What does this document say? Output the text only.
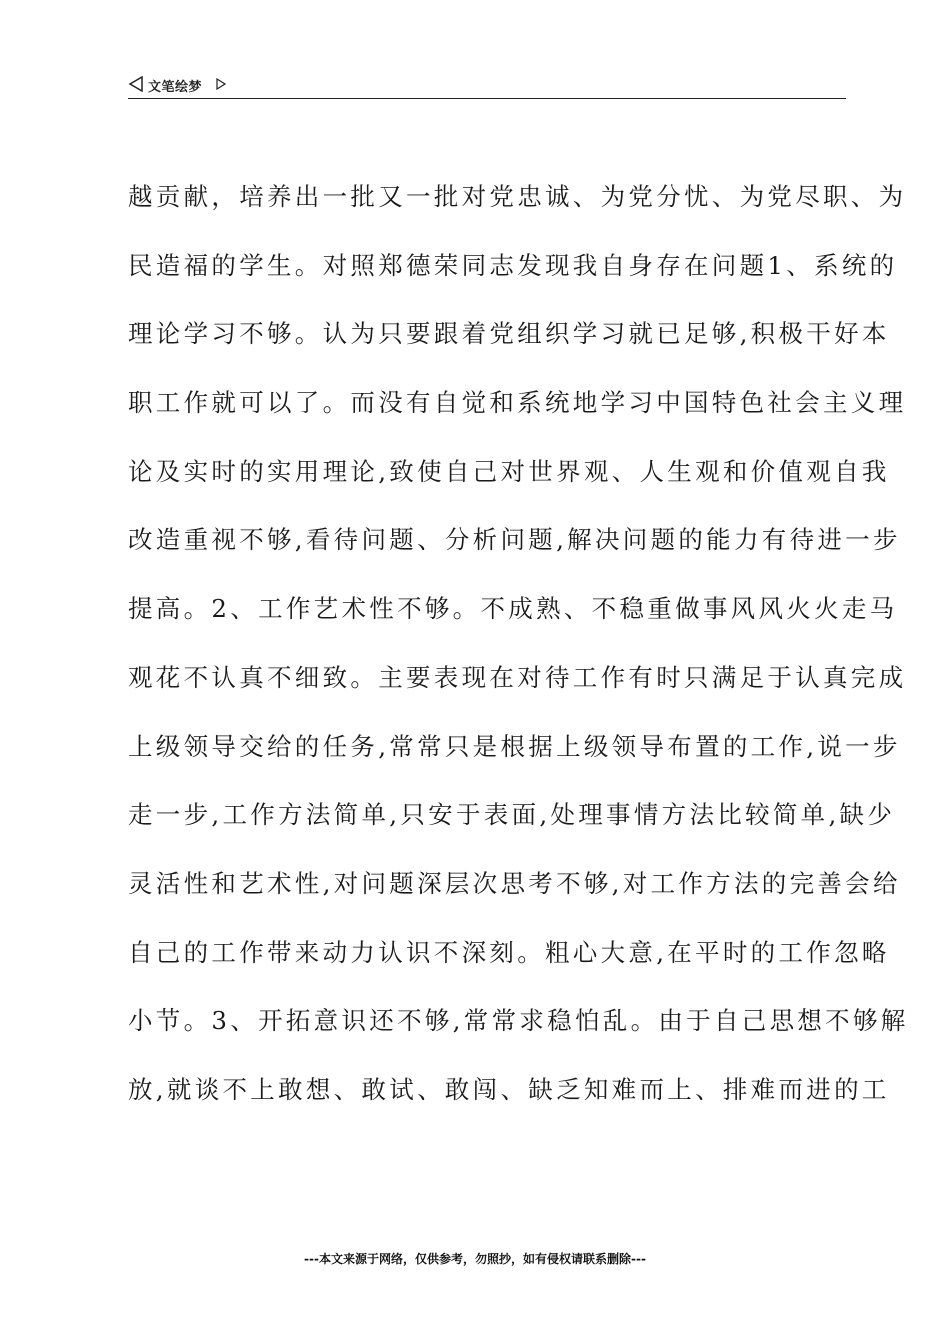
文笔绘梦
越贡献，培养出一批又一批对党忠诚、为党分忧、为党尽职、为
民造福的学生。对照郑德荣同志发现我自身存在问题1、系统的
理论学习不够。认为只要跟着党组织学习就已足够,积极干好本
职工作就可以了。而没有自觉和系统地学习中国特色社会主义理
论及实时的实用理论,致使自己对世界观、人生观和价值观自我
改造重视不够,看待问题、分析问题,解决问题的能力有待进一步
提高。2、工作艺术性不够。不成熟、不稳重做事风风火火走马
观花不认真不细致。主要表现在对待工作有时只满足于认真完成
上级领导交给的任务,常常只是根据上级领导布置的工作,说一步
走一步,工作方法简单,只安于表面,处理事情方法比较简单,缺少
灵活性和艺术性,对问题深层次思考不够,对工作方法的完善会给
自己的工作带来动力认识不深刻。粗心大意,在平时的工作忽略
小节。3、开拓意识还不够,常常求稳怕乱。由于自己思想不够解
放,就谈不上敢想、敢试、敢闯、缺乏知难而上、排难而进的工
---本文来源于网络，仅供参考，勿照抄，如有侵权请联系删除---
